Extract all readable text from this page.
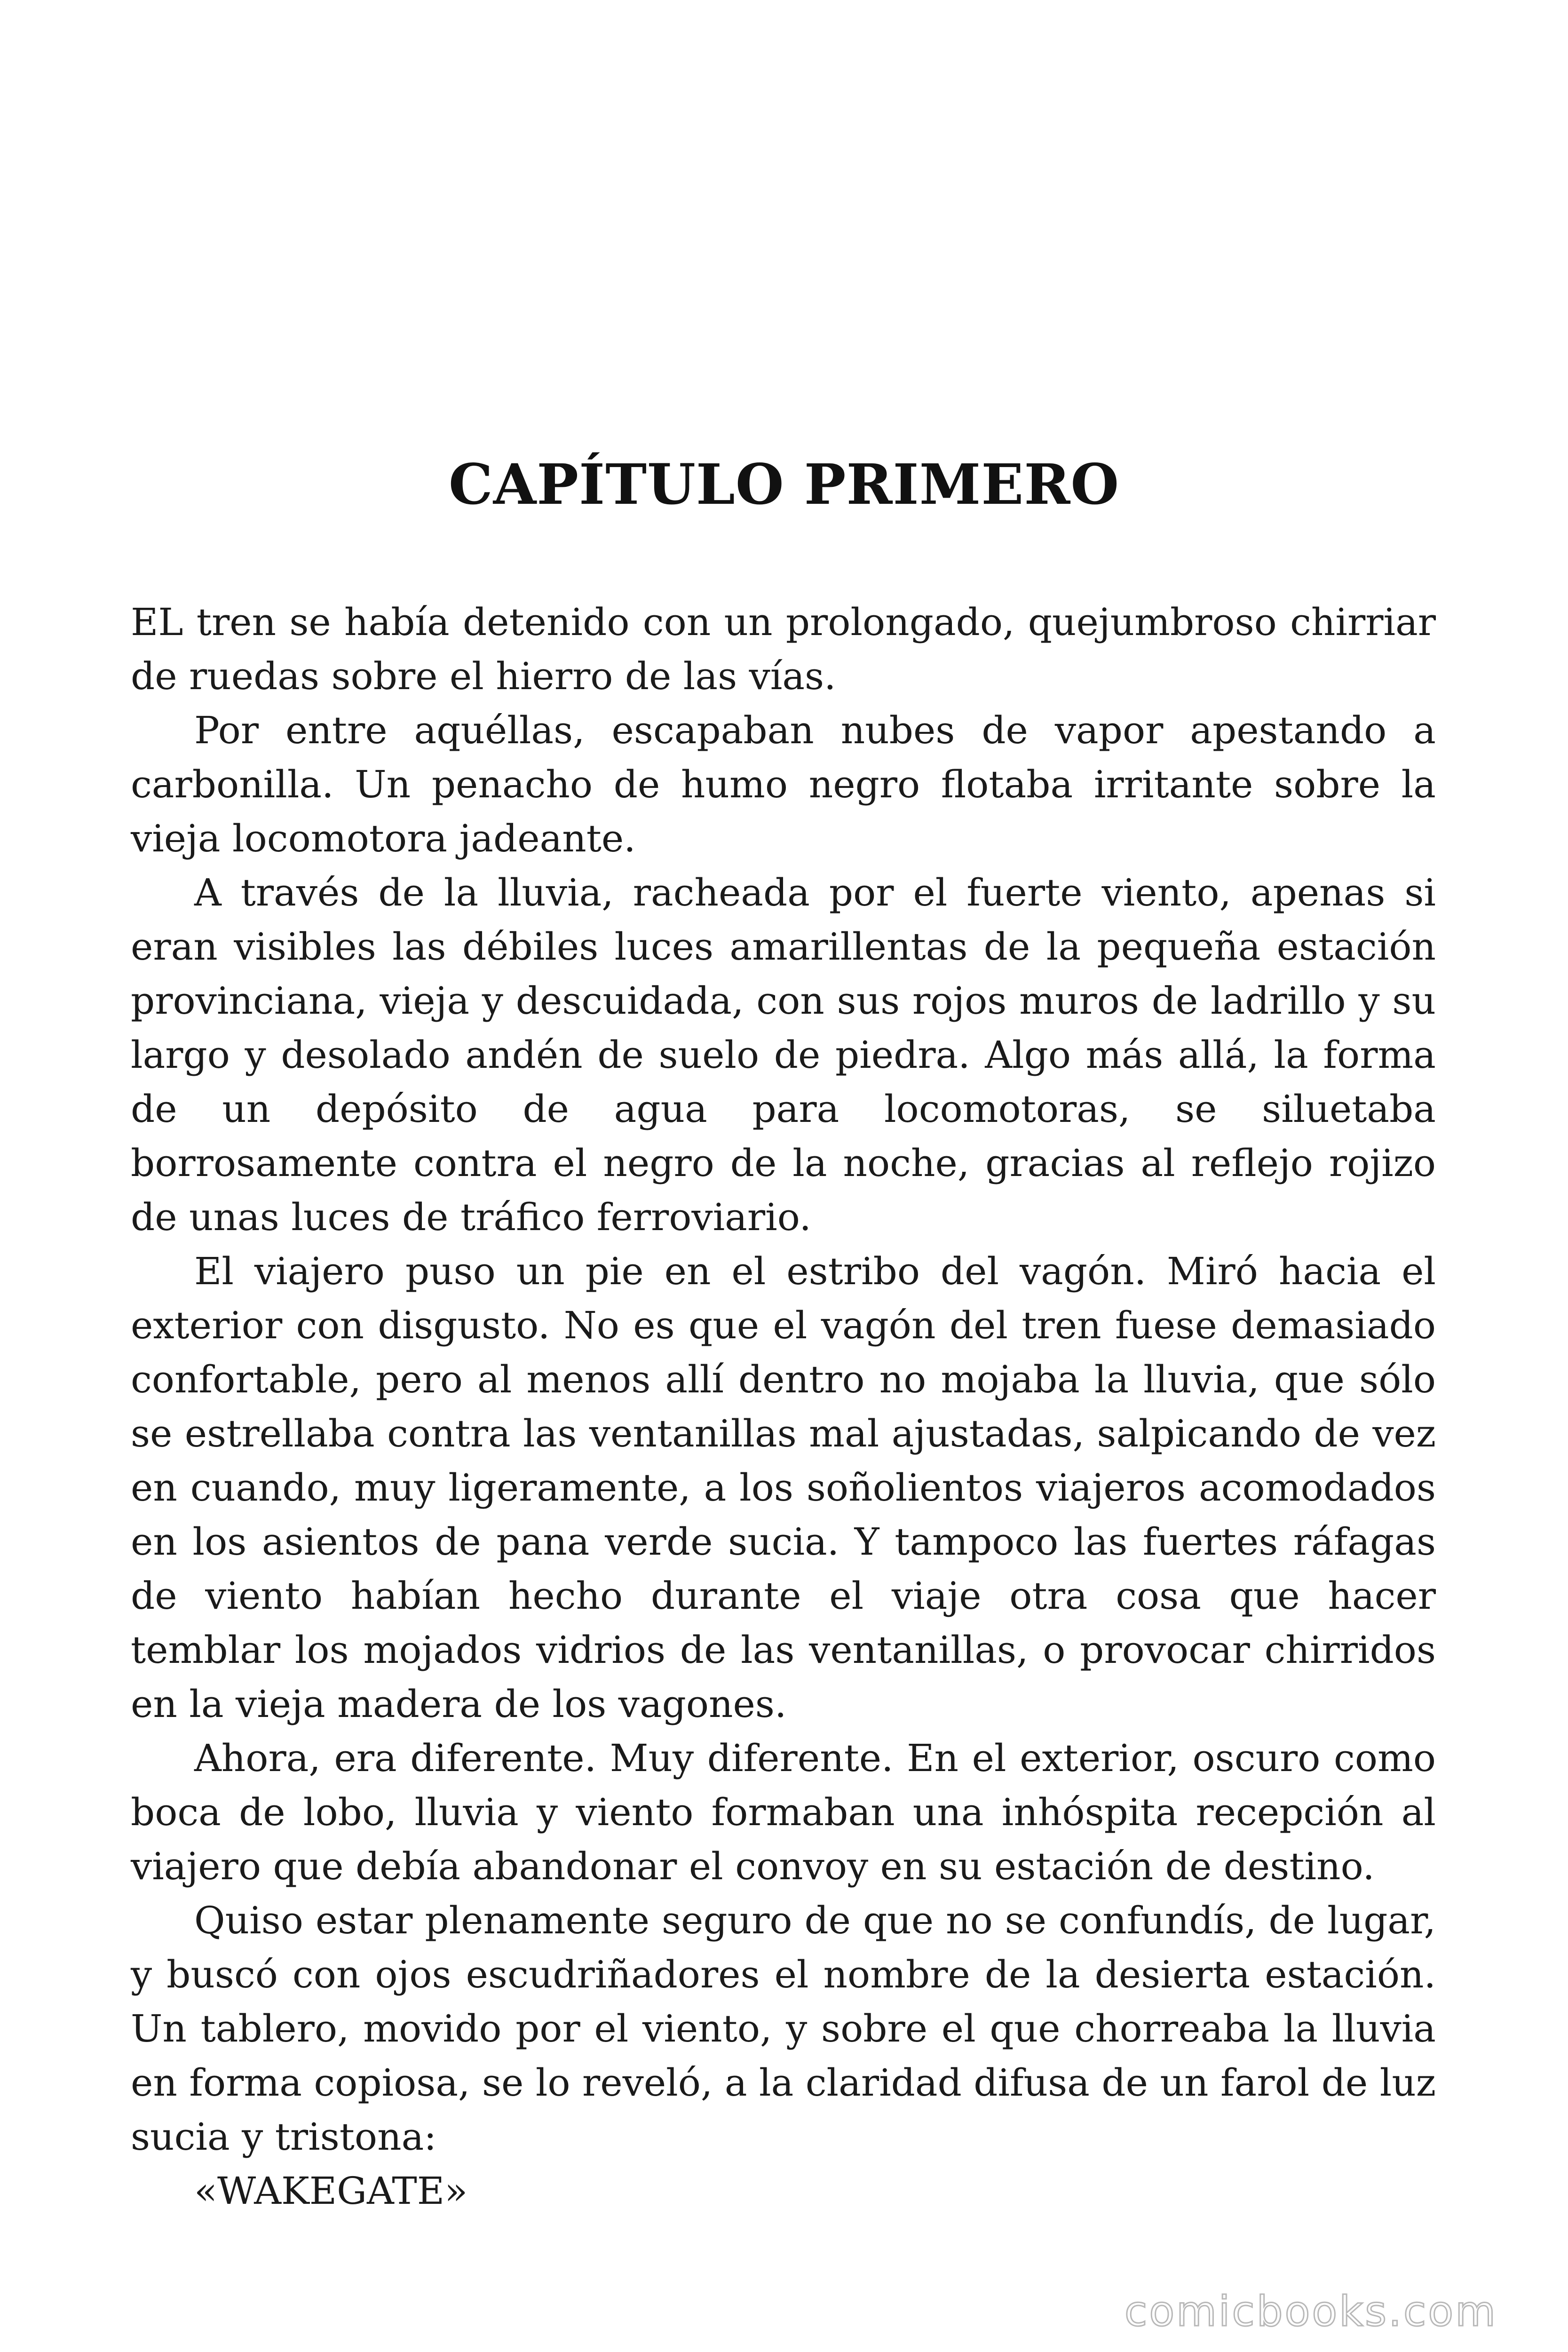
CAPÍTULO PRIMERO

EL tren se había detenido con un prolongado, quejumbroso chirriar de ruedas sobre el hierro de las vías.

Por entre aquéllas, escapaban nubes de vapor apestando a carbonilla. Un penacho de humo negro flotaba irritante sobre la vieja locomotora jadeante.

A través de la lluvia, racheada por el fuerte viento, apenas si eran visibles las débiles luces amarillentas de la pequeña estación provinciana, vieja y descuidada, con sus rojos muros de ladrillo y su largo y desolado andén de suelo de piedra. Algo más allá, la forma de un depósito de agua para locomotoras, se siluetaba borrosamente contra el negro de la noche, gracias al reflejo rojizo de unas luces de tráfico ferroviario.

El viajero puso un pie en el estribo del vagón. Miró hacia el exterior con disgusto. No es que el vagón del tren fuese demasiado confortable, pero al menos allí dentro no mojaba la lluvia, que sólo se estrellaba contra las ventanillas mal ajustadas, salpicando de vez en cuando, muy ligeramente, a los soñolientos viajeros acomodados en los asientos de pana verde sucia. Y tampoco las fuertes ráfagas de viento habían hecho durante el viaje otra cosa que hacer temblar los mojados vidrios de las ventanillas, o provocar chirridos en la vieja madera de los vagones.

Ahora, era diferente. Muy diferente. En el exterior, oscuro como boca de lobo, lluvia y viento formaban una inhóspita recepción al viajero que debía abandonar el convoy en su estación de destino.

Quiso estar plenamente seguro de que no se confundís, de lugar, y buscó con ojos escudriñadores el nombre de la desierta estación. Un tablero, movido por el viento, y sobre el que chorreaba la lluvia en forma copiosa, se lo reveló, a la claridad difusa de un farol de luz sucia y tristona:

«WAKEGATE»

comicbooks.com
